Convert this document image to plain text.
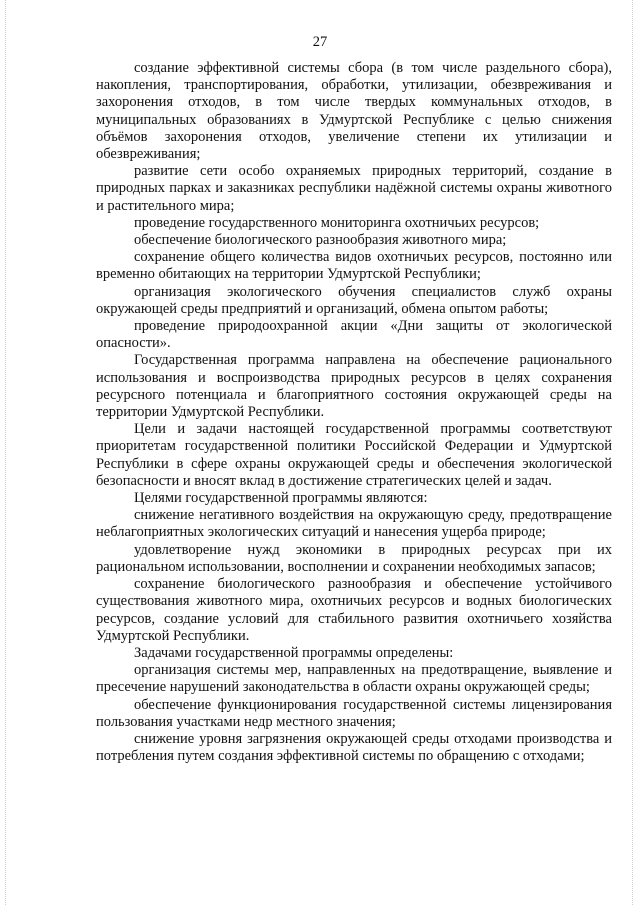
27

создание эффективной системы сбора (в том числе раздельного сбора), накопления, транспортирования, обработки, утилизации, обезвреживания и захоронения отходов, в том числе твердых коммунальных отходов, в муниципальных образованиях в Удмуртской Республике с целью снижения объёмов захоронения отходов, увеличение степени их утилизации и обезвреживания;

развитие сети особо охраняемых природных территорий, создание в природных парках и заказниках республики надёжной системы охраны животного и растительного мира;

проведение государственного мониторинга охотничьих ресурсов;

обеспечение биологического разнообразия животного мира;

сохранение общего количества видов охотничьих ресурсов, постоянно или временно обитающих на территории Удмуртской Республики;

организация экологического обучения специалистов служб охраны окружающей среды предприятий и организаций, обмена опытом работы;

проведение природоохранной акции «Дни защиты от экологической опасности».

Государственная программа направлена на обеспечение рационального использования и воспроизводства природных ресурсов в целях сохранения ресурсного потенциала и благоприятного состояния окружающей среды на территории Удмуртской Республики.

Цели и задачи настоящей государственной программы соответствуют приоритетам государственной политики Российской Федерации и Удмуртской Республики в сфере охраны окружающей среды и обеспечения экологической безопасности и вносят вклад в достижение стратегических целей и задач.

Целями государственной программы являются:

снижение негативного воздействия на окружающую среду, предотвращение неблагоприятных экологических ситуаций и нанесения ущерба природе;

удовлетворение нужд экономики в природных ресурсах при их рациональном использовании, восполнении и сохранении необходимых запасов;

сохранение биологического разнообразия и обеспечение устойчивого существования животного мира, охотничьих ресурсов и водных биологических ресурсов, создание условий для стабильного развития охотничьего хозяйства Удмуртской Республики.

Задачами государственной программы определены:

организация системы мер, направленных на предотвращение, выявление и пресечение нарушений законодательства в области охраны окружающей среды;

обеспечение функционирования государственной системы лицензирования пользования участками недр местного значения;

снижение уровня загрязнения окружающей среды отходами производства и потребления путем создания эффективной системы по обращению с отходами;
